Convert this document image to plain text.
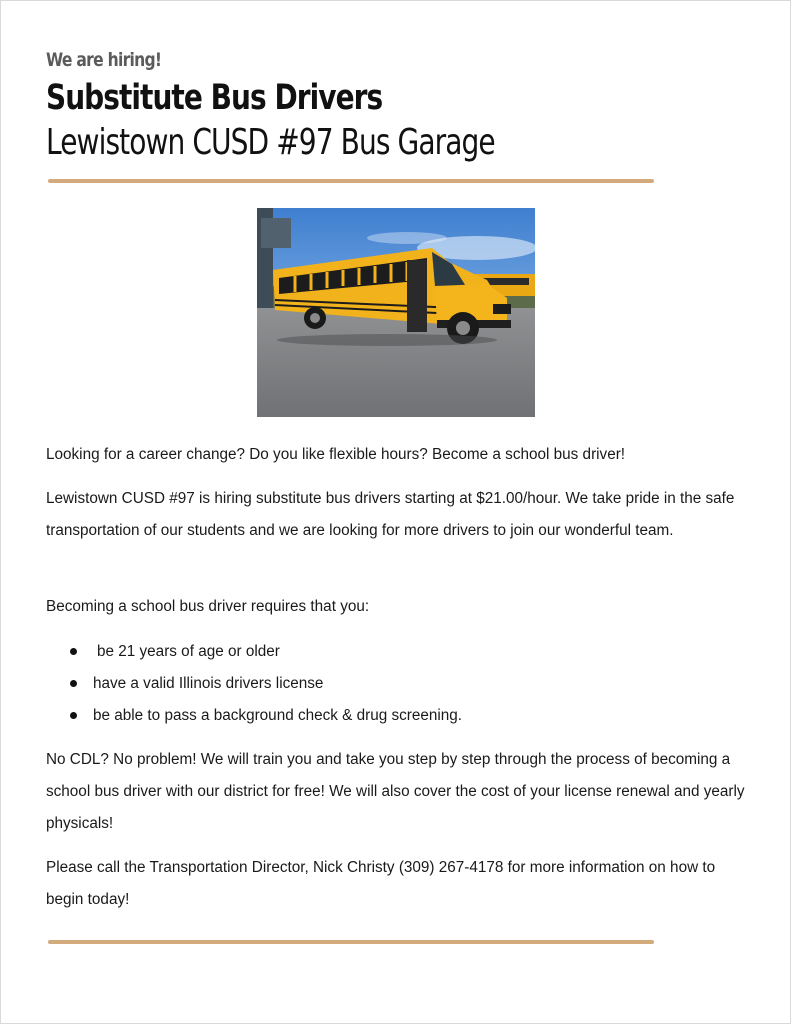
We are hiring!
Substitute Bus Drivers
Lewistown CUSD #97 Bus Garage
Looking for a career change? Do you like flexible hours? Become a school bus driver!
Lewistown CUSD #97 is hiring substitute bus drivers starting at $21.00/hour. We take pride in the safe transportation of our students and we are looking for more drivers to join our wonderful team.
Becoming a school bus driver requires that you:
be 21 years of age or older
have a valid Illinois drivers license
be able to pass a background check & drug screening.
No CDL? No problem! We will train you and take you step by step through the process of becoming a school bus driver with our district for free! We will also cover the cost of your license renewal and yearly physicals!
Please call the Transportation Director, Nick Christy (309) 267-4178 for more information on how to begin today!
